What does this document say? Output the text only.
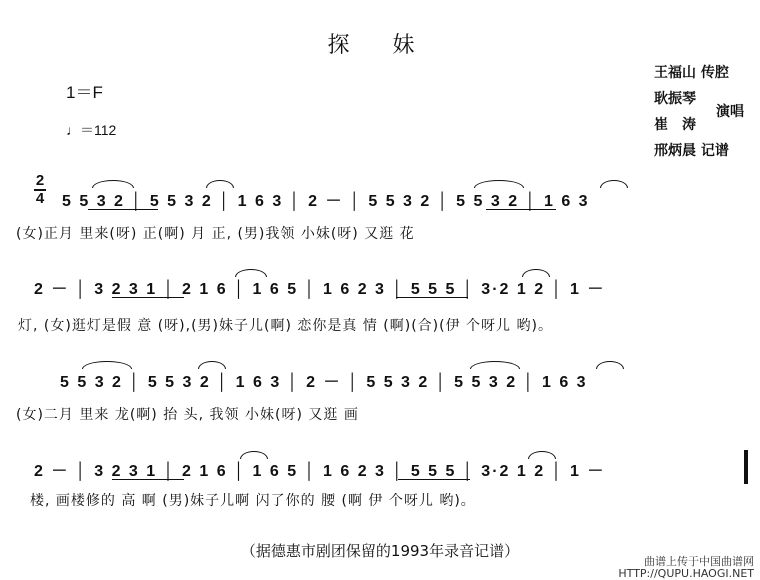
探 妹
1＝F
♩＝112
王福山 传腔
耿振琴
崔　涛
演唱
邢炳晨 记谱
2
4 5 5 3 2 │ 5 5 3 2 │ 1 6 3 │ 2 － │ 5 5 3 2 │ 5 5 3 2 │ 1 6 3
(女)正月 里来(呀) 正(啊) 月 正, (男)我领 小妹(呀) 又逛 花
2 － │ 3 2 3 1 │ 2 1 6 │ 1 6 5 │ 1 6 2 3 │ 5 5 5 │ 3·2 1 2 │ 1 －
灯, (女)逛灯是假 意 (呀),(男)妹子儿(啊) 恋你是真 情 (啊)(合)(伊 个呀儿 哟)。
5 5 3 2 │ 5 5 3 2 │ 1 6 3 │ 2 － │ 5 5 3 2 │ 5 5 3 2 │ 1 6 3
(女)二月 里来 龙(啊) 抬 头, 我领 小妹(呀) 又逛 画
2 － │ 3 2 3 1 │ 2 1 6 │ 1 6 5 │ 1 6 2 3 │ 5 5 5 │ 3·2 1 2 │ 1 －
楼, 画楼修的 高 啊 (男)妹子儿啊 闪了你的 腰 (啊 伊 个呀儿 哟)。
（据德惠市剧团保留的1993年录音记谱）
曲谱上传于中国曲谱网
HTTP://QUPU.HAOGI.NET
